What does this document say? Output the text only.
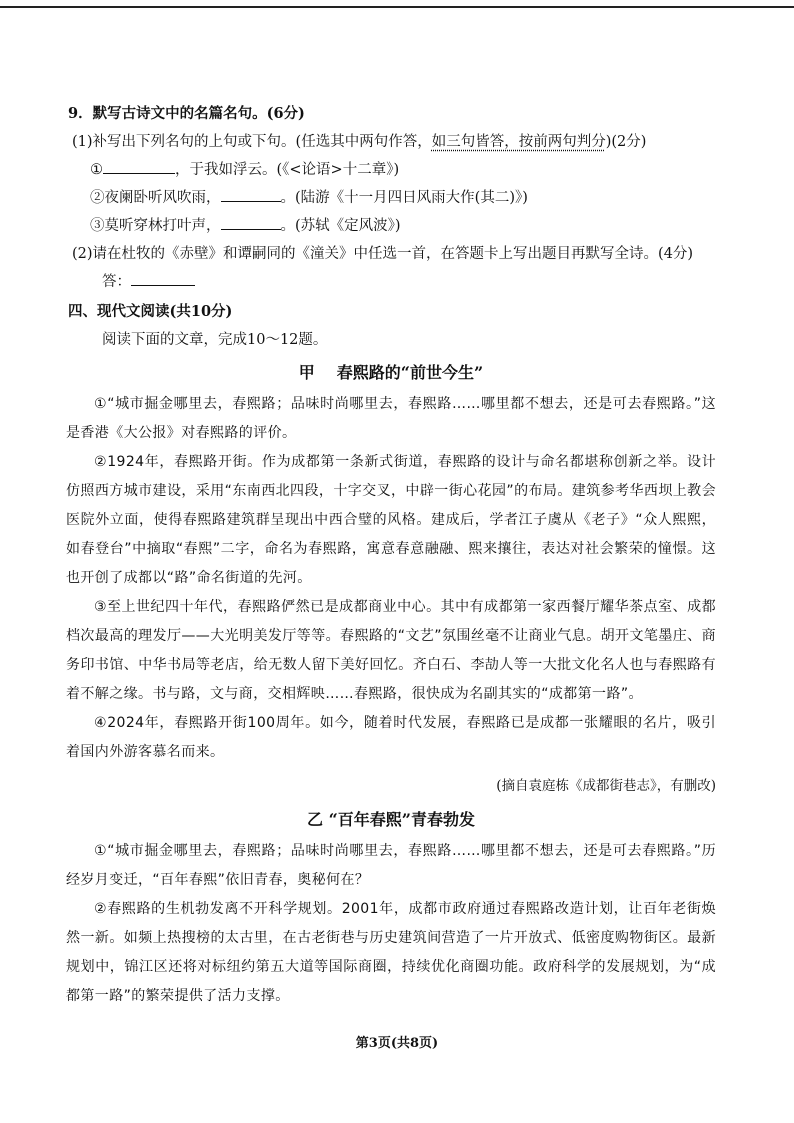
9．默写古诗文中的名篇名句。(6分)
(1)补写出下列名句的上句或下句。(任选其中两句作答，如三句皆答，按前两句判分)(2分)
①	，于我如浮云。(《<论语>十二章》)
②夜阑卧听风吹雨，	。(陆游《十一月四日风雨大作(其二)》)
③莫听穿林打叶声，	。(苏轼《定风波》)
(2)请在杜牧的《赤壁》和谭嗣同的《潼关》中任选一首，在答题卡上写出题目再默写全诗。(4分)
答：
四、现代文阅读(共10分)
阅读下面的文章，完成10～12题。
甲 春熙路的“前世今生”
①“城市掘金哪里去，春熙路；品味时尚哪里去，春熙路……哪里都不想去，还是可去春熙路。”这是香港《大公报》对春熙路的评价。
②1924年，春熙路开街。作为成都第一条新式街道，春熙路的设计与命名都堪称创新之举。设计仿照西方城市建设，采用“东南西北四段，十字交叉，中辟一街心花园”的布局。建筑参考华西坝上教会医院外立面，使得春熙路建筑群呈现出中西合璧的风格。建成后，学者江子虞从《老子》“众人熙熙，如春登台”中摘取“春熙”二字，命名为春熙路，寓意春意融融、熙来攘往，表达对社会繁荣的憧憬。这也开创了成都以“路”命名街道的先河。
③至上世纪四十年代，春熙路俨然已是成都商业中心。其中有成都第一家西餐厅耀华茶点室、成都档次最高的理发厅——大光明美发厅等等。春熙路的“文艺”氛围丝毫不让商业气息。胡开文笔墨庄、商务印书馆、中华书局等老店，给无数人留下美好回忆。齐白石、李劼人等一大批文化名人也与春熙路有着不解之缘。书与路，文与商，交相辉映……春熙路，很快成为名副其实的“成都第一路”。
④2024年，春熙路开街100周年。如今，随着时代发展，春熙路已是成都一张耀眼的名片，吸引着国内外游客慕名而来。
(摘自袁庭栋《成都街巷志》，有删改)
乙 “百年春熙”青春勃发
①“城市掘金哪里去，春熙路；品味时尚哪里去，春熙路……哪里都不想去，还是可去春熙路。”历经岁月变迁，“百年春熙”依旧青春，奥秘何在？
②春熙路的生机勃发离不开科学规划。2001年，成都市政府通过春熙路改造计划，让百年老街焕然一新。如频上热搜榜的太古里，在古老街巷与历史建筑间营造了一片开放式、低密度购物街区。最新规划中，锦江区还将对标纽约第五大道等国际商圈，持续优化商圈功能。政府科学的发展规划，为“成都第一路”的繁荣提供了活力支撑。
第3页(共8页)
